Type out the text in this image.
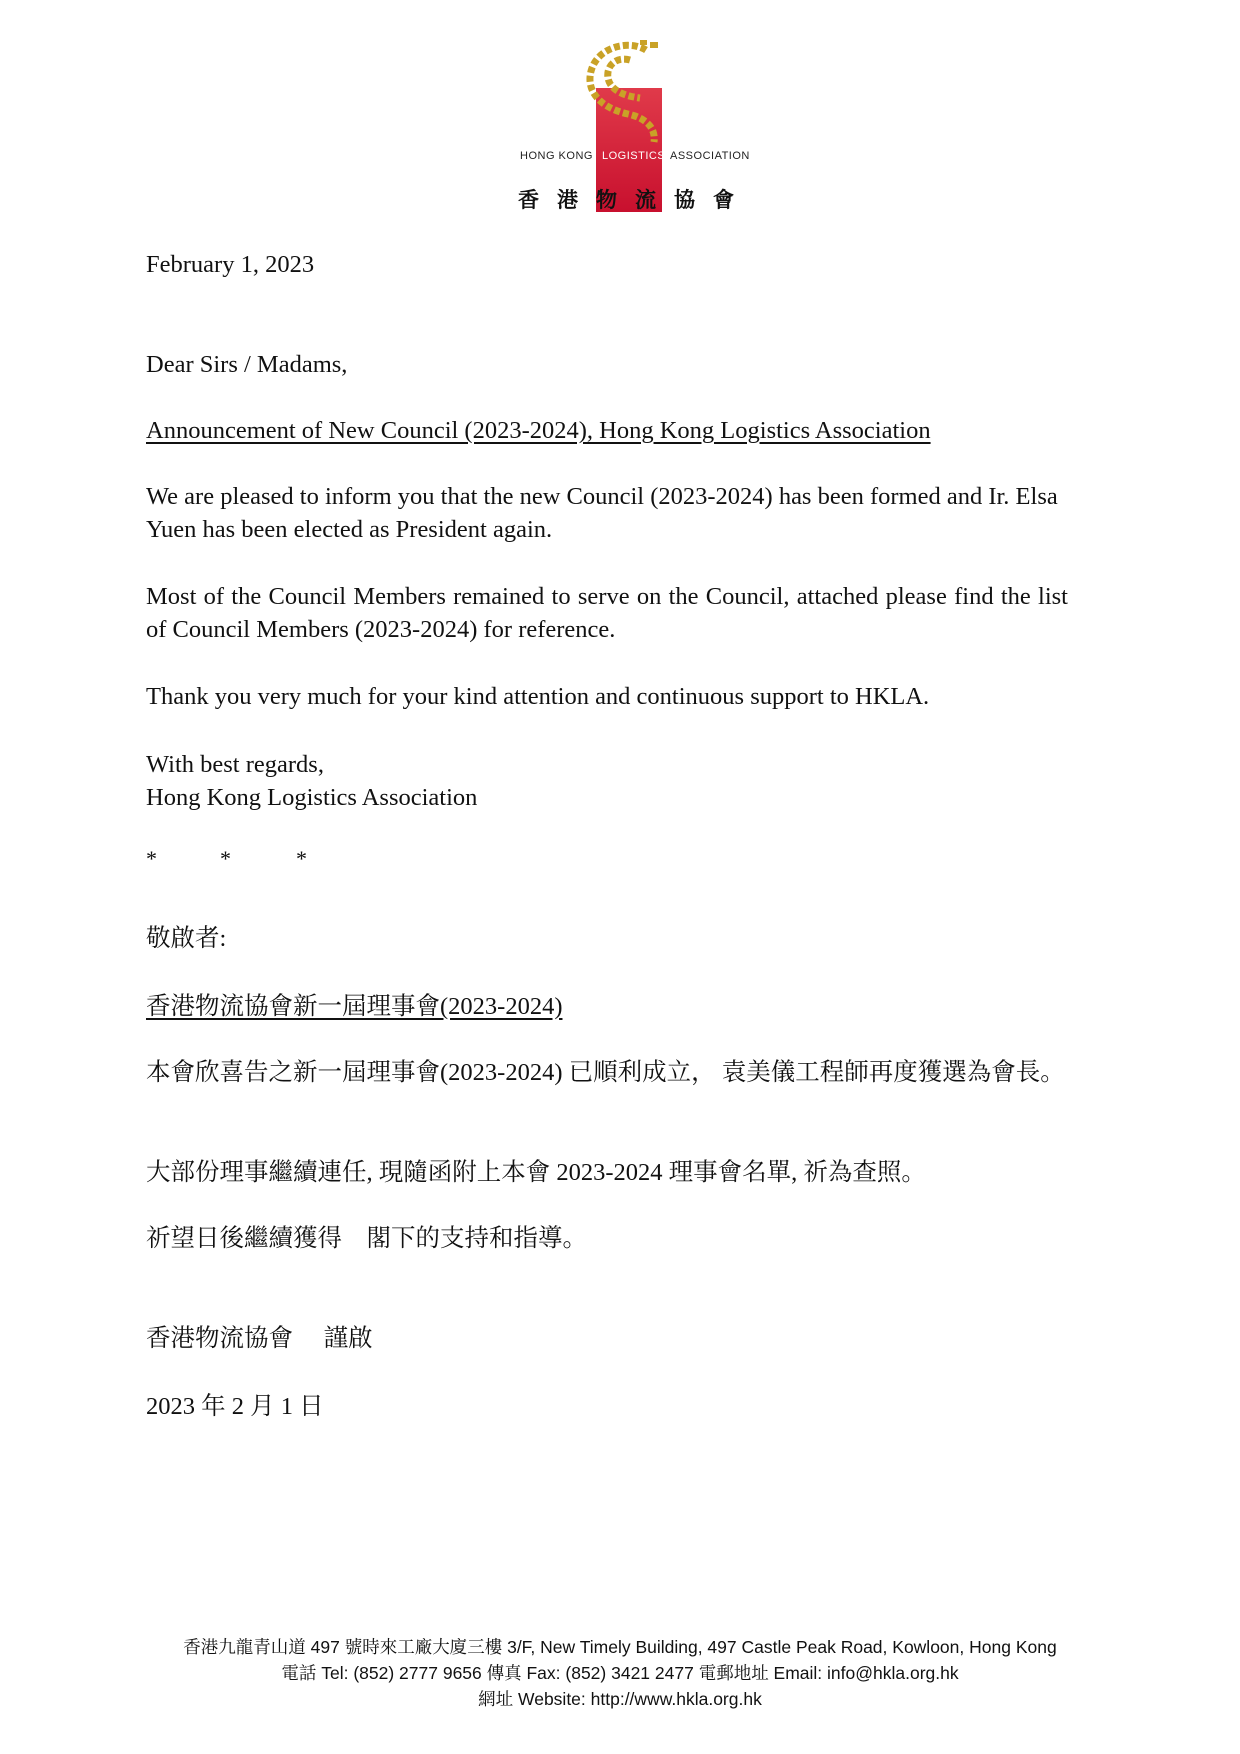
HONG KONG LOGISTICS ASSOCIATION
香港物流協會
February 1, 2023
Dear Sirs / Madams,
Announcement of New Council (2023-2024), Hong Kong Logistics Association
We are pleased to inform you that the new Council (2023-2024) has been formed and Ir. Elsa Yuen has been elected as President again.
Most of the Council Members remained to serve on the Council, attached please find the list of Council Members (2023-2024) for reference.
Thank you very much for your kind attention and continuous support to HKLA.
With best regards,
Hong Kong Logistics Association
*	*	*
敬啟者:
香港物流協會新一屆理事會(2023-2024)
本會欣喜告之新一屆理事會(2023-2024) 已順利成立， 袁美儀工程師再度獲選為會長。
大部份理事繼續連任, 現隨函附上本會 2023-2024 理事會名單, 祈為查照。
祈望日後繼續獲得　閣下的支持和指導。
香港物流協會　 謹啟
2023 年 2 月 1 日
香港九龍青山道 497 號時來工廠大廈三樓 3/F, New Timely Building, 497 Castle Peak Road, Kowloon, Hong Kong
電話 Tel: (852) 2777 9656 傳真 Fax: (852) 3421 2477 電郵地址 Email: info@hkla.org.hk
網址 Website: http://www.hkla.org.hk
